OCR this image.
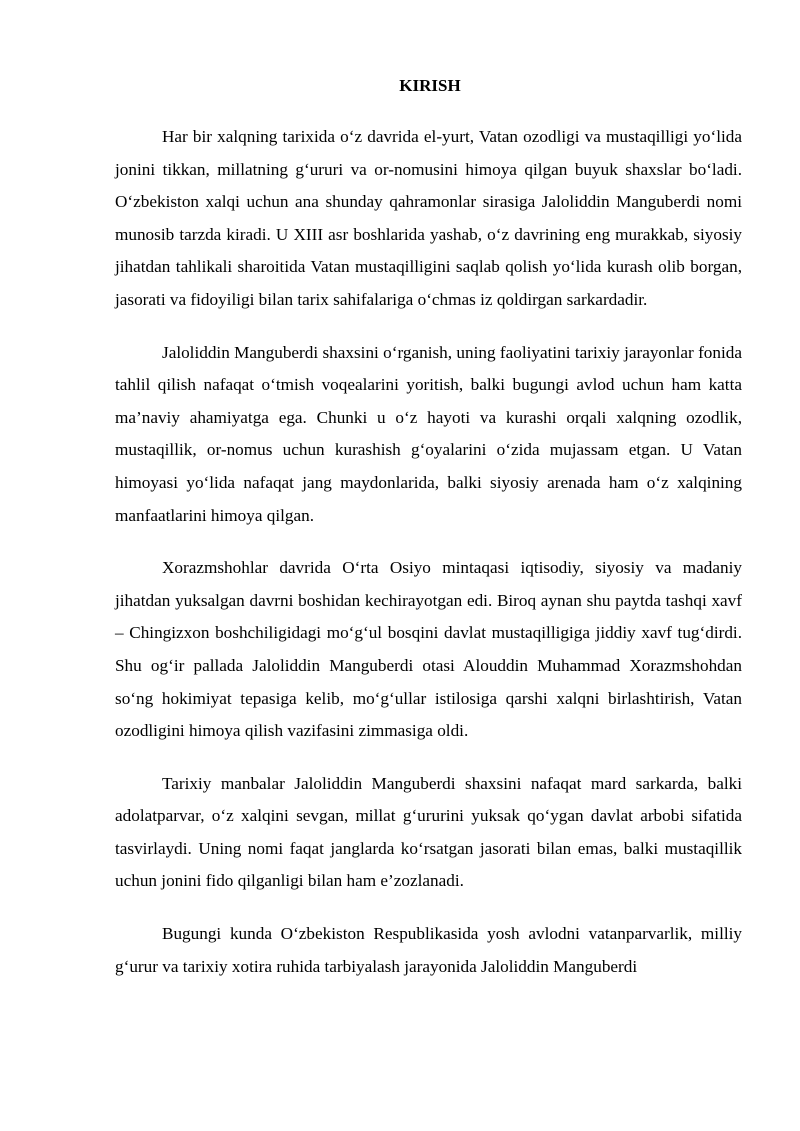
KIRISH

Har bir xalqning tarixida o‘z davrida el-yurt, Vatan ozodligi va mustaqilligi yo‘lida jonini tikkan, millatning g‘ururi va or-nomusini himoya qilgan buyuk shaxslar bo‘ladi. O‘zbekiston xalqi uchun ana shunday qahramonlar sirasiga Jaloliddin Manguberdi nomi munosib tarzda kiradi. U XIII asr boshlarida yashab, o‘z davrining eng murakkab, siyosiy jihatdan tahlikali sharoitida Vatan mustaqilligini saqlab qolish yo‘lida kurash olib borgan, jasorati va fidoyiligi bilan tarix sahifalariga o‘chmas iz qoldirgan sarkardadir.

Jaloliddin Manguberdi shaxsini o‘rganish, uning faoliyatini tarixiy jarayonlar fonida tahlil qilish nafaqat o‘tmish voqealarini yoritish, balki bugungi avlod uchun ham katta ma’naviy ahamiyatga ega. Chunki u o‘z hayoti va kurashi orqali xalqning ozodlik, mustaqillik, or-nomus uchun kurashish g‘oyalarini o‘zida mujassam etgan. U Vatan himoyasi yo‘lida nafaqat jang maydonlarida, balki siyosiy arenada ham o‘z xalqining manfaatlarini himoya qilgan.

Xorazmshohlar davrida O‘rta Osiyo mintaqasi iqtisodiy, siyosiy va madaniy jihatdan yuksalgan davrni boshidan kechirayotgan edi. Biroq aynan shu paytda tashqi xavf – Chingizxon boshchiligidagi mo‘g‘ul bosqini davlat mustaqilligiga jiddiy xavf tug‘dirdi. Shu og‘ir pallada Jaloliddin Manguberdi otasi Alouddin Muhammad Xorazmshohdan so‘ng hokimiyat tepasiga kelib, mo‘g‘ullar istilosiga qarshi xalqni birlashtirish, Vatan ozodligini himoya qilish vazifasini zimmasiga oldi.

Tarixiy manbalar Jaloliddin Manguberdi shaxsini nafaqat mard sarkarda, balki adolatparvar, o‘z xalqini sevgan, millat g‘ururini yuksak qo‘ygan davlat arbobi sifatida tasvirlaydi. Uning nomi faqat janglarda ko‘rsatgan jasorati bilan emas, balki mustaqillik uchun jonini fido qilganligi bilan ham e’zozlanadi.

Bugungi kunda O‘zbekiston Respublikasida yosh avlodni vatanparvarlik, milliy g‘urur va tarixiy xotira ruhida tarbiyalash jarayonida Jaloliddin Manguberdi
